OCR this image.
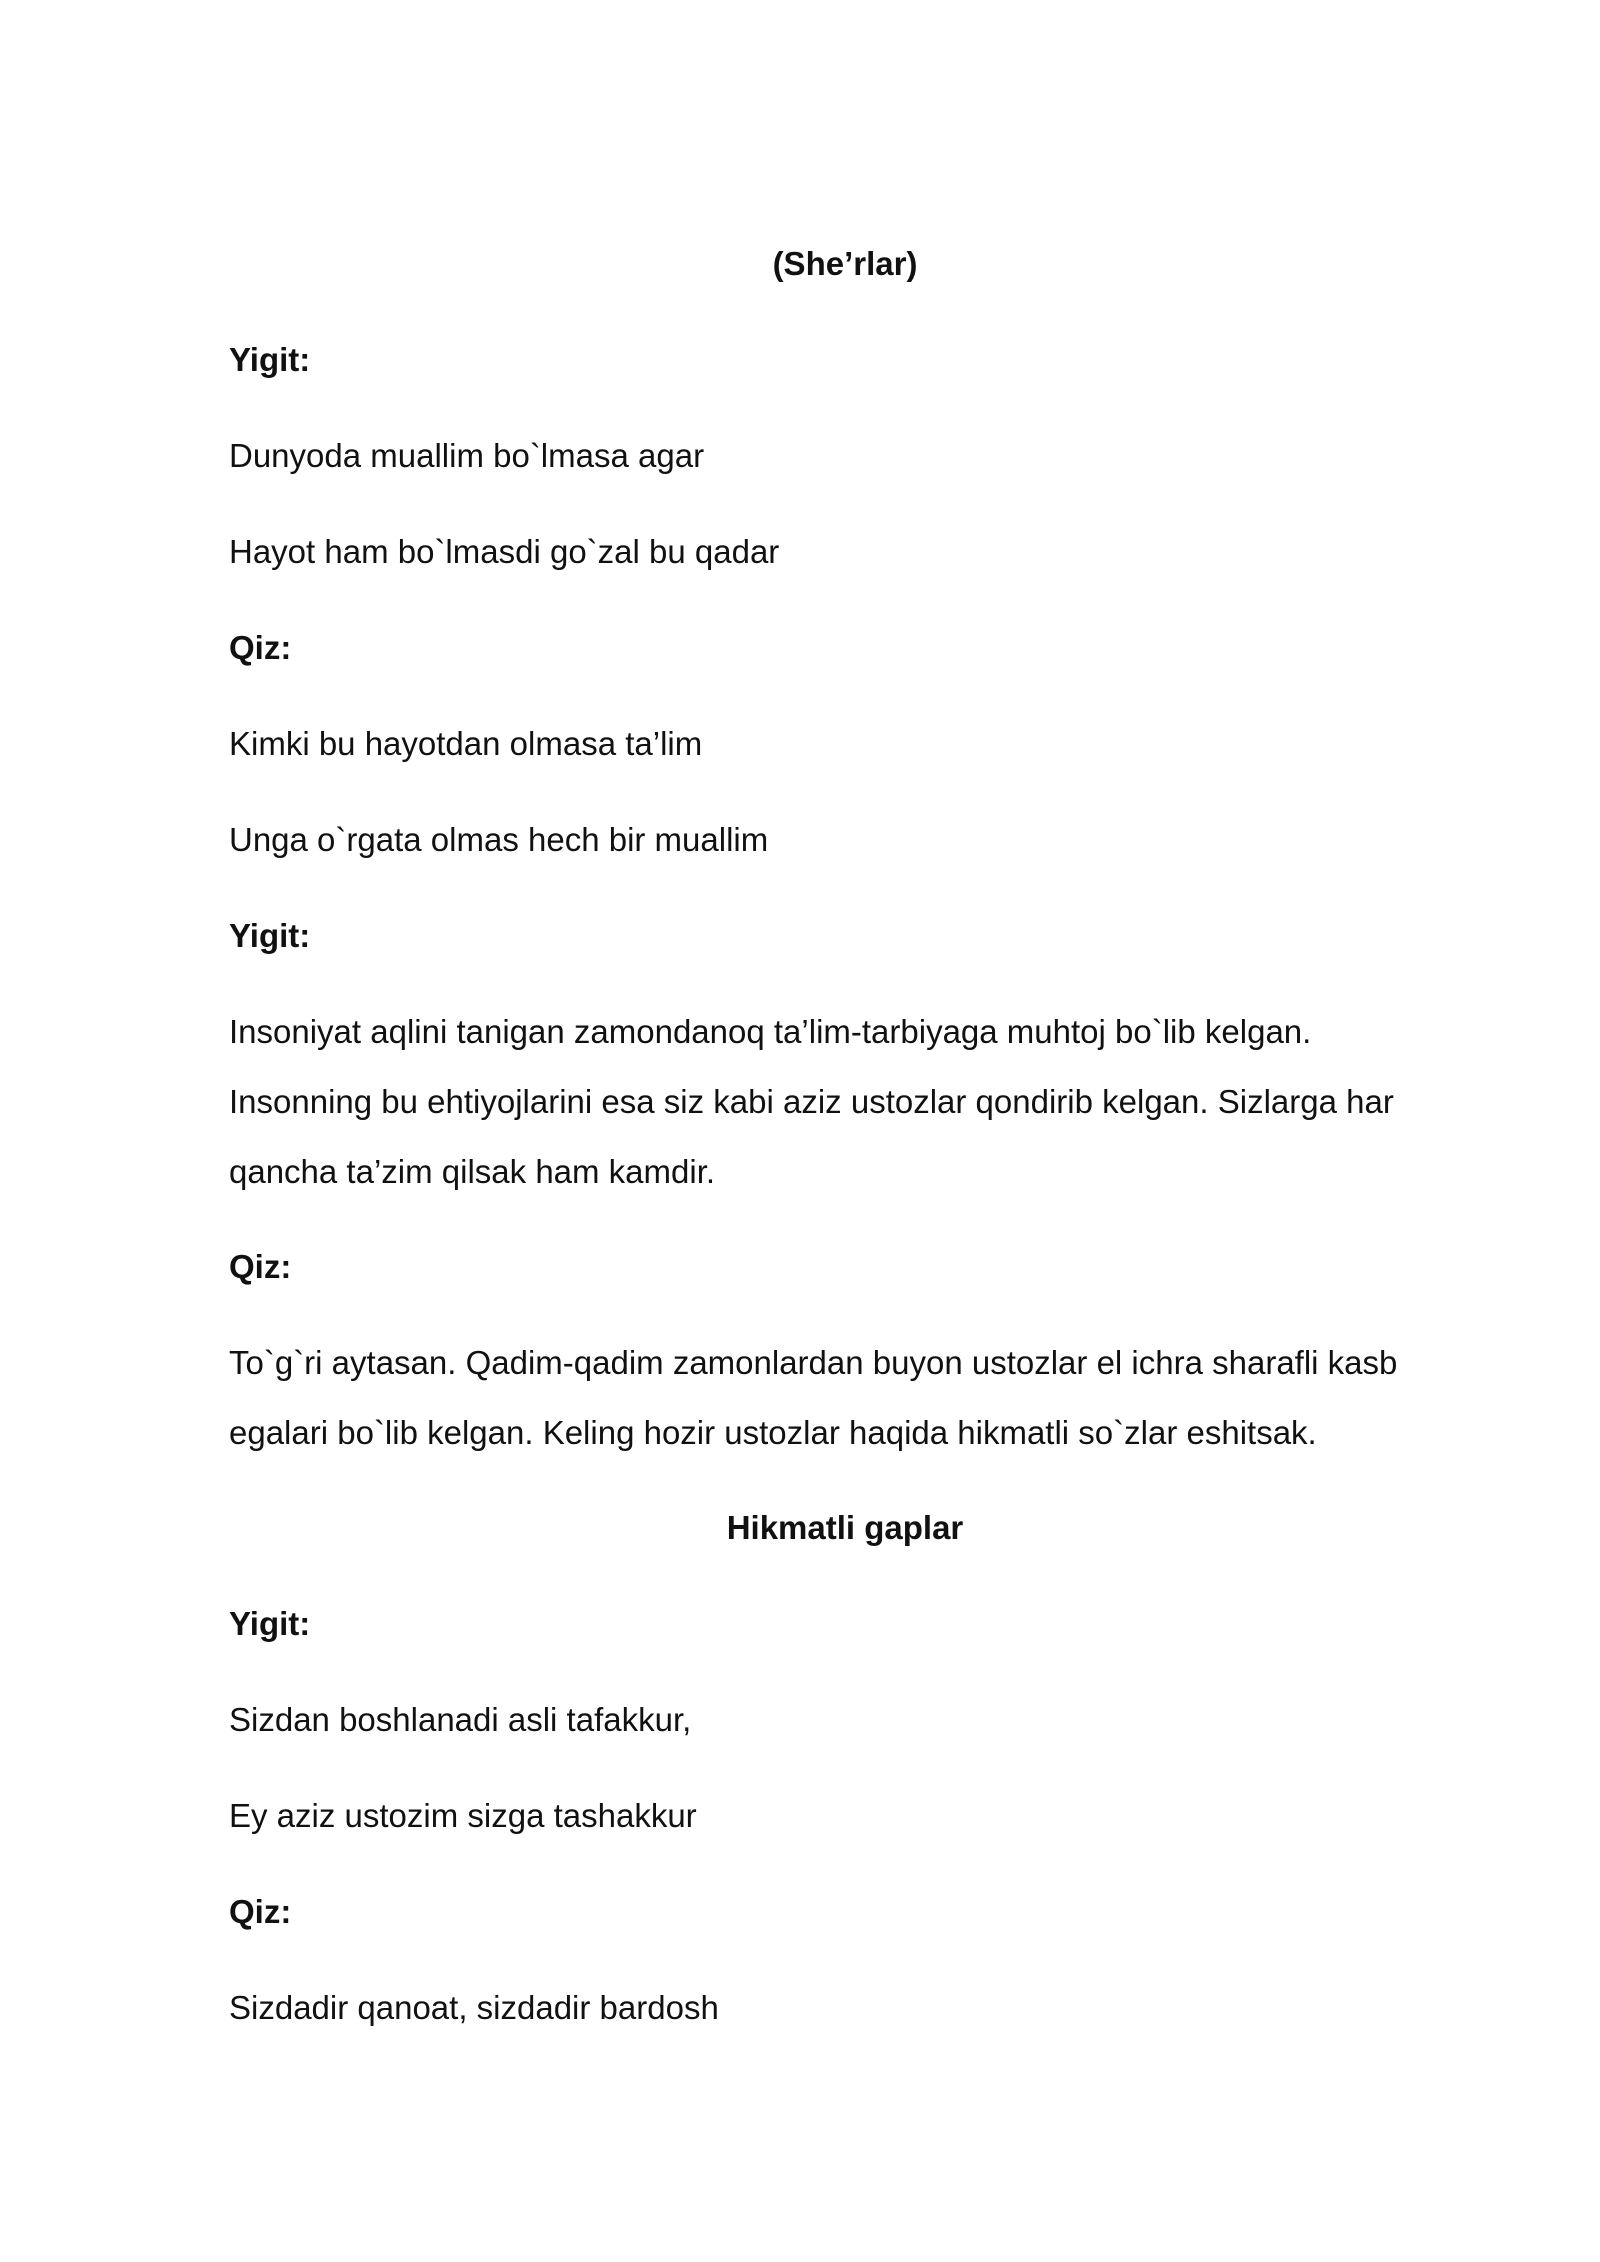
(She’rlar)
Yigit:
Dunyoda muallim bo`lmasa agar
Hayot ham bo`lmasdi go`zal bu qadar
Qiz:
Kimki bu hayotdan olmasa ta’lim
Unga o`rgata olmas hech bir muallim
Yigit:
Insoniyat aqlini tanigan zamondanoq ta’lim-tarbiyaga muhtoj bo`lib kelgan. Insonning bu ehtiyojlarini esa siz kabi aziz ustozlar qondirib kelgan. Sizlarga har qancha ta’zim qilsak ham kamdir.
Qiz:
To`g`ri aytasan. Qadim-qadim zamonlardan buyon ustozlar el ichra sharafli kasb egalari bo`lib kelgan. Keling hozir ustozlar haqida hikmatli so`zlar eshitsak.
Hikmatli gaplar
Yigit:
Sizdan boshlanadi asli tafakkur,
Ey aziz ustozim sizga tashakkur
Qiz:
Sizdadir qanoat, sizdadir bardosh
